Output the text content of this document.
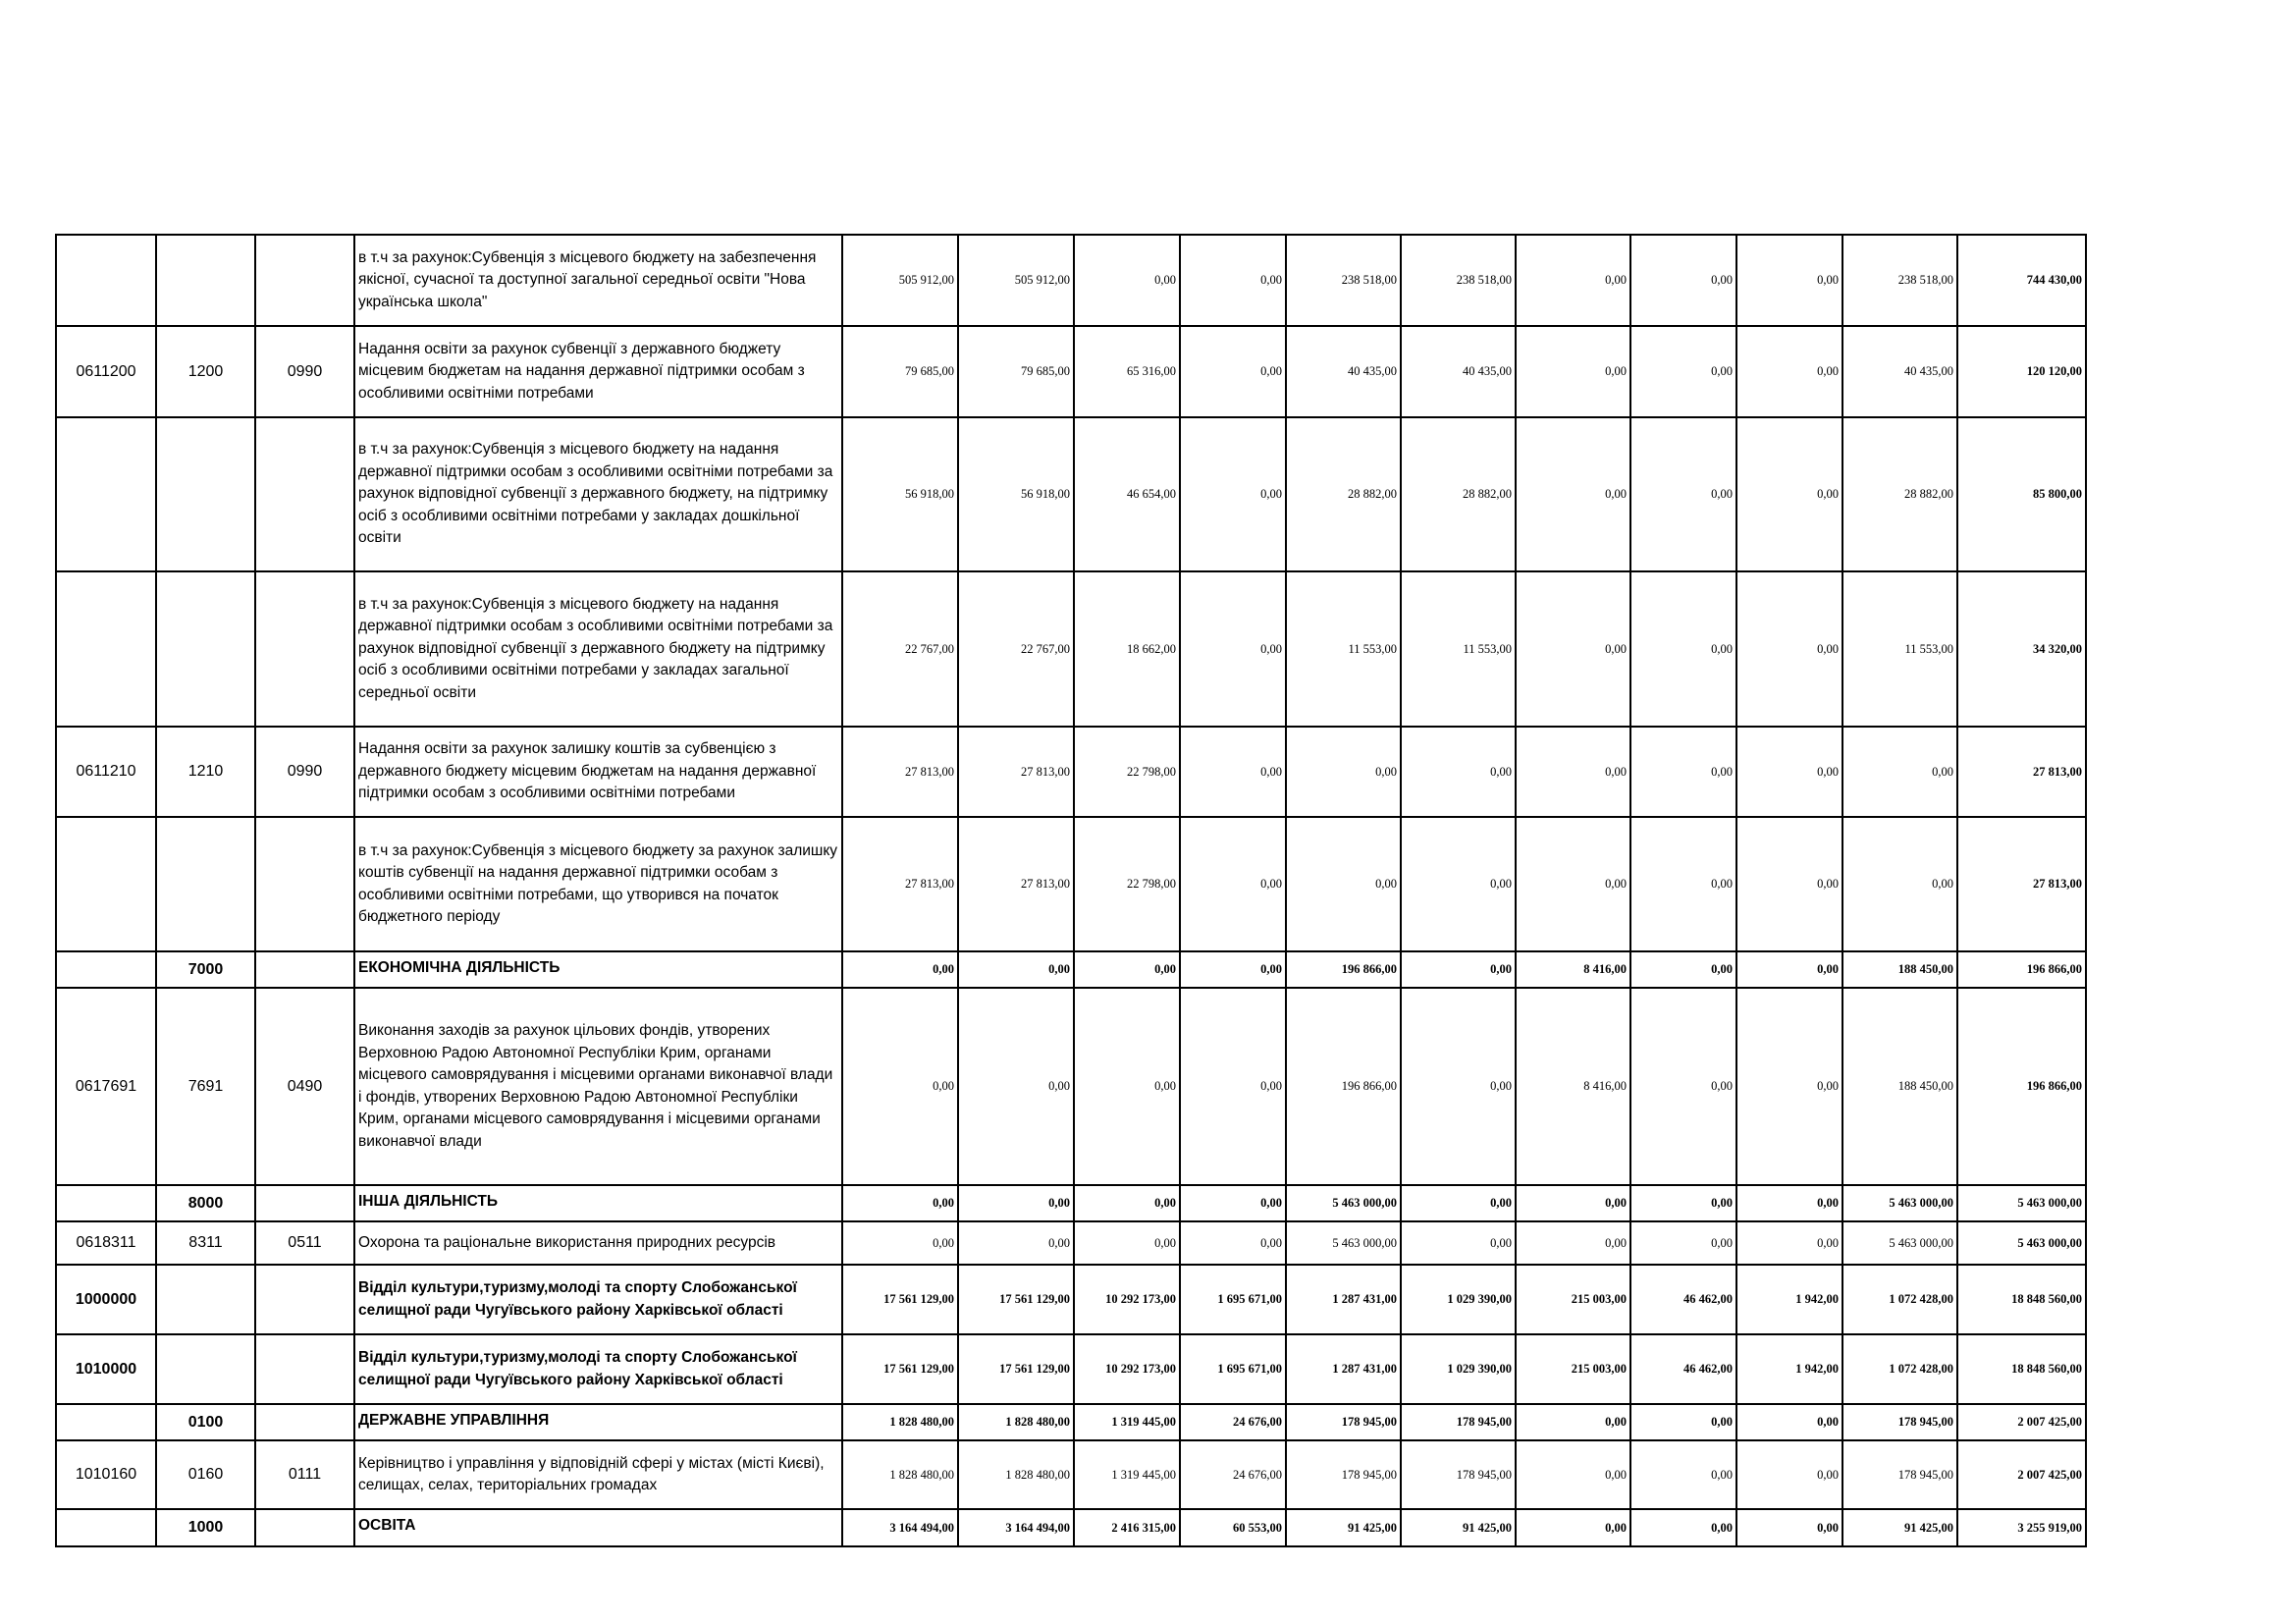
			в т.ч за рахунок:Субвенція з місцевого бюджету на забезпечення якісної, сучасної та доступної загальної середньої освіти "Нова українська школа"	505 912,00	505 912,00	0,00	0,00	238 518,00	238 518,00	0,00	0,00	0,00	238 518,00	744 430,00
0611200	1200	0990	Надання освіти за рахунок субвенції з державного бюджету місцевим бюджетам на надання державної підтримки особам з особливими освітніми потребами	79 685,00	79 685,00	65 316,00	0,00	40 435,00	40 435,00	0,00	0,00	0,00	40 435,00	120 120,00
			в т.ч за рахунок:Субвенція з місцевого бюджету на надання державної підтримки особам з особливими освітніми потребами за рахунок відповідної субвенції з державного бюджету, на підтримку осіб з особливими освітніми потребами у закладах дошкільної освіти	56 918,00	56 918,00	46 654,00	0,00	28 882,00	28 882,00	0,00	0,00	0,00	28 882,00	85 800,00
			в т.ч за рахунок:Субвенція з місцевого бюджету на надання державної підтримки особам з особливими освітніми потребами за рахунок відповідної субвенції з державного бюджету на підтримку осіб з особливими освітніми потребами у закладах загальної середньої освіти	22 767,00	22 767,00	18 662,00	0,00	11 553,00	11 553,00	0,00	0,00	0,00	11 553,00	34 320,00
0611210	1210	0990	Надання освіти за рахунок залишку коштів за субвенцією з державного бюджету місцевим бюджетам на надання державної підтримки особам з особливими освітніми потребами	27 813,00	27 813,00	22 798,00	0,00	0,00	0,00	0,00	0,00	0,00	0,00	27 813,00
			в т.ч за рахунок:Субвенція з місцевого бюджету за рахунок залишку коштів субвенції на надання державної підтримки особам з особливими освітніми потребами, що утворився на початок бюджетного періоду	27 813,00	27 813,00	22 798,00	0,00	0,00	0,00	0,00	0,00	0,00	0,00	27 813,00
	7000		ЕКОНОМІЧНА ДІЯЛЬНІСТЬ	0,00	0,00	0,00	0,00	196 866,00	0,00	8 416,00	0,00	0,00	188 450,00	196 866,00
0617691	7691	0490	Виконання заходів за рахунок цільових фондів, утворених Верховною Радою Автономної Республіки Крим, органами місцевого самоврядування і місцевими органами виконавчої влади і фондів, утворених Верховною Радою Автономної Республіки Крим, органами місцевого самоврядування і місцевими органами виконавчої влади	0,00	0,00	0,00	0,00	196 866,00	0,00	8 416,00	0,00	0,00	188 450,00	196 866,00
	8000		ІНША ДІЯЛЬНІСТЬ	0,00	0,00	0,00	0,00	5 463 000,00	0,00	0,00	0,00	0,00	5 463 000,00	5 463 000,00
0618311	8311	0511	Охорона та раціональне використання природних ресурсів	0,00	0,00	0,00	0,00	5 463 000,00	0,00	0,00	0,00	0,00	5 463 000,00	5 463 000,00
1000000			Відділ культури,туризму,молоді та спорту Слобожанської селищної ради Чугуївського району Харківської області	17 561 129,00	17 561 129,00	10 292 173,00	1 695 671,00	1 287 431,00	1 029 390,00	215 003,00	46 462,00	1 942,00	1 072 428,00	18 848 560,00
1010000			Відділ культури,туризму,молоді та спорту Слобожанської селищної ради Чугуївського району Харківської області	17 561 129,00	17 561 129,00	10 292 173,00	1 695 671,00	1 287 431,00	1 029 390,00	215 003,00	46 462,00	1 942,00	1 072 428,00	18 848 560,00
	0100		ДЕРЖАВНЕ УПРАВЛІННЯ	1 828 480,00	1 828 480,00	1 319 445,00	24 676,00	178 945,00	178 945,00	0,00	0,00	0,00	178 945,00	2 007 425,00
1010160	0160	0111	Керівництво і управління у відповідній сфері у містах (місті Києві), селищах, селах, територіальних громадах	1 828 480,00	1 828 480,00	1 319 445,00	24 676,00	178 945,00	178 945,00	0,00	0,00	0,00	178 945,00	2 007 425,00
	1000		ОСВІТА	3 164 494,00	3 164 494,00	2 416 315,00	60 553,00	91 425,00	91 425,00	0,00	0,00	0,00	91 425,00	3 255 919,00
